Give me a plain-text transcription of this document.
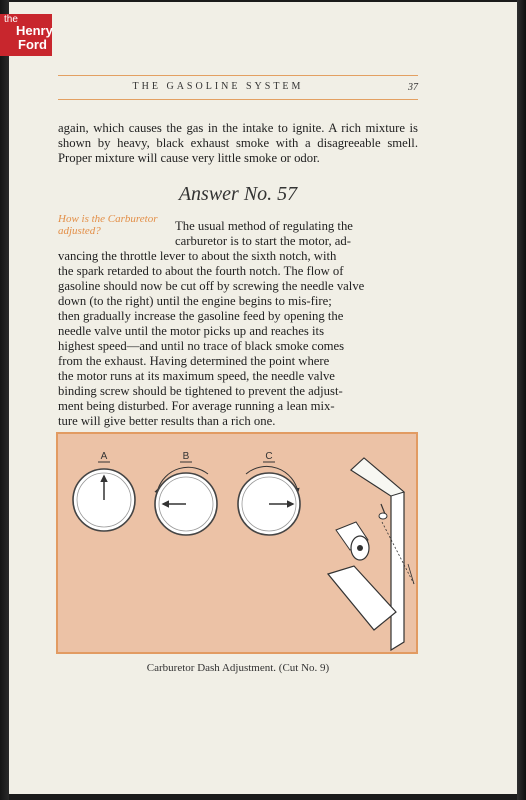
the
Henry
Ford
THE GASOLINE SYSTEM	37
again, which causes the gas in the intake to ignite. A rich mixture is shown by heavy, black exhaust smoke with a disagreeable smell. Proper mixture will cause very little smoke or odor.
Answer No. 57
How is the Carburetor adjusted?	The usual method of regulating the
carburetor is to start the motor, ad-
vancing the throttle lever to about the sixth notch, with
the spark retarded to about the fourth notch. The flow of
gasoline should now be cut off by screwing the needle valve
down (to the right) until the engine begins to mis-fire;
then gradually increase the gasoline feed by opening the
needle valve until the motor picks up and reaches its
highest speed—and until no trace of black smoke comes
from the exhaust. Having determined the point where
the motor runs at its maximum speed, the needle valve
binding screw should be tightened to prevent the adjust-
ment being disturbed. For average running a lean mix-
ture will give better results than a rich one.
A	B	C
Carburetor Dash Adjustment. (Cut No. 9)
